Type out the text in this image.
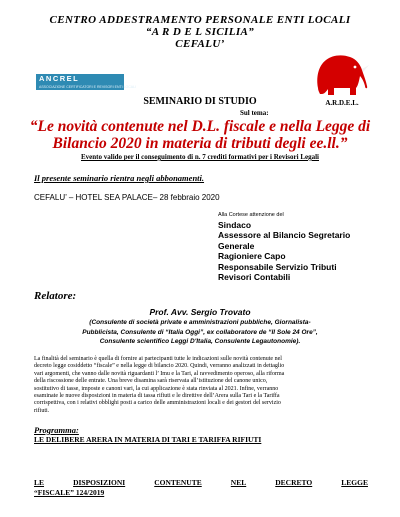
CENTRO ADDESTRAMENTO PERSONALE ENTI LOCALI
“A R D E L SICILIA”
CEFALU’
ANCREL
ASSOCIAZIONE CERTIFICATORI E REVISORI ENTI LOCALI
A.R.D.E.L.
SEMINARIO DI STUDIO
Sul tema:
“Le novità contenute nel D.L. fiscale e nella Legge di
Bilancio 2020 in materia di tributi degli ee.ll.”
Evento valido per il conseguimento di n. 7 crediti formativi per i Revisori Legali
Il presente seminario rientra negli abbonamenti.
CEFALU’ – HOTEL SEA PALACE– 28 febbraio 2020
Alla Cortese attenzione del
Sindaco
Assessore al Bilancio Segretario
Generale
Ragioniere Capo
Responsabile Servizio Tributi
Revisori Contabili
Relatore:
Prof. Avv. Sergio Trovato
(Consulente di società private e amministrazioni pubbliche, Giornalista-
Pubblicista, Consulente di “Italia Oggi”, ex collaboratore de “Il Sole 24 Ore”,
Consulente scientifico Leggi D'Italia, Consulente Legautonomie).
La finalità del seminario è quella di fornire ai partecipanti tutte le indicazioni sulle novità contenute nel
decreto legge cosiddetto “fiscale” e nella legge di bilancio 2020. Quindi, verranno analizzati in dettaglio
vari argomenti, che vanno dalle novità riguardanti l’ Imu e la Tari, al ravvedimento operoso, alla riforma
della riscossione delle entrate. Una breve disamina sarà riservata all’istituzione del canone unico,
sostitutivo di tasse, imposte e canoni vari, la cui applicazione è stata rinviata al 2021. Infine, verranno
esaminate le nuove disposizioni in materia di tassa rifiuti e le direttive dell’Arera sulla Tari e la Tariffa
corrispettiva, con i relativi obblighi posti a carico delle amministrazioni locali e dei gestori del servizio
rifiuti.
Programma:
LE DELIBERE ARERA IN MATERIA DI TARI E TARIFFA RIFIUTI
LE	DISPOSIZIONI	CONTENUTE	NEL	DECRETO	LEGGE
“FISCALE” 124/2019
